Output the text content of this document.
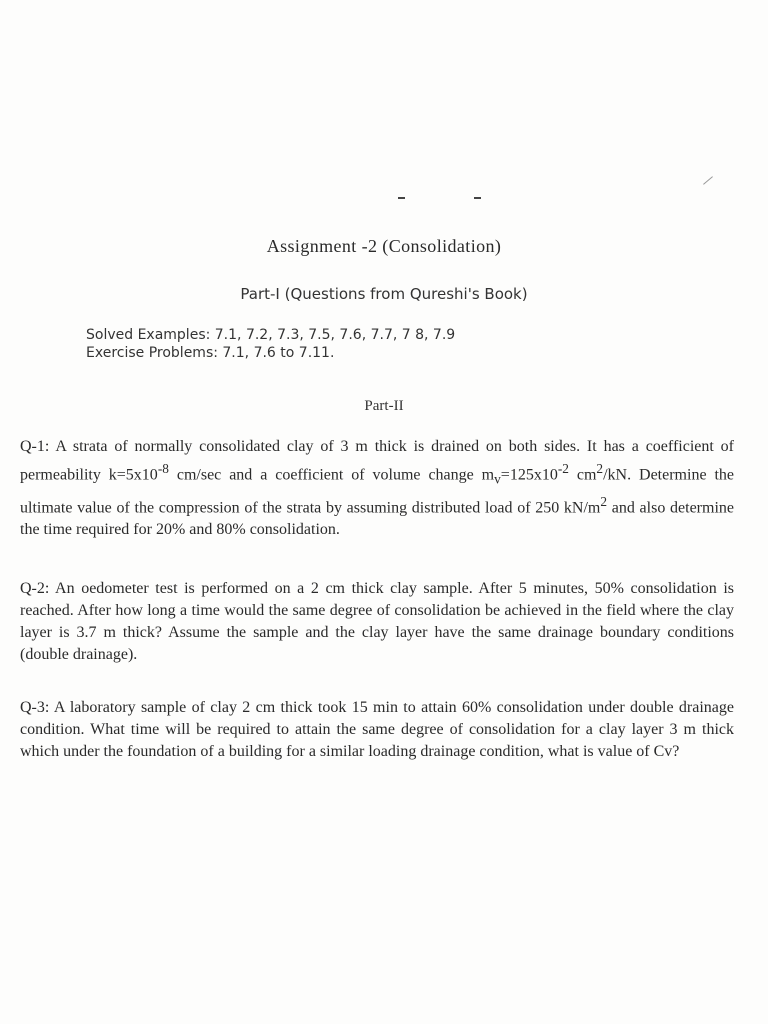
Assignment -2 (Consolidation)
Part-I (Questions from Qureshi's Book)

Solved Examples: 7.1, 7.2, 7.3, 7.5, 7.6, 7.7, 7 8, 7.9

Exercise Problems: 7.1, 7.6 to 7.11.

Part-II

Q-1: A strata of normally consolidated clay of 3 m thick is drained on both sides. It has a coefficient of permeability $k=5x10^{-8}$ cm/sec and a coefficient of volume change $m_v=125x10^{-2}$ $cm^2/kN$. Determine the ultimate value of the compression of the strata by assuming distributed load of 250 $kN/m^2$ and also determine the time required for 20% and 80% consolidation.

Q-2: An oedometer test is performed on a 2 cm thick clay sample. After 5 minutes, 50% consolidation is reached. After how long a time would the same degree of consolidation be achieved in the field where the clay layer is 3.7 m thick? Assume the sample and the clay layer have the same drainage boundary conditions (double drainage).

Q-3: A laboratory sample of clay 2 cm thick took 15 min to attain 60% consolidation under double drainage condition. What time will be required to attain the same degree of consolidation for a clay layer 3 m thick which under the foundation of a building for a similar loading drainage condition, what is value of Cv?
